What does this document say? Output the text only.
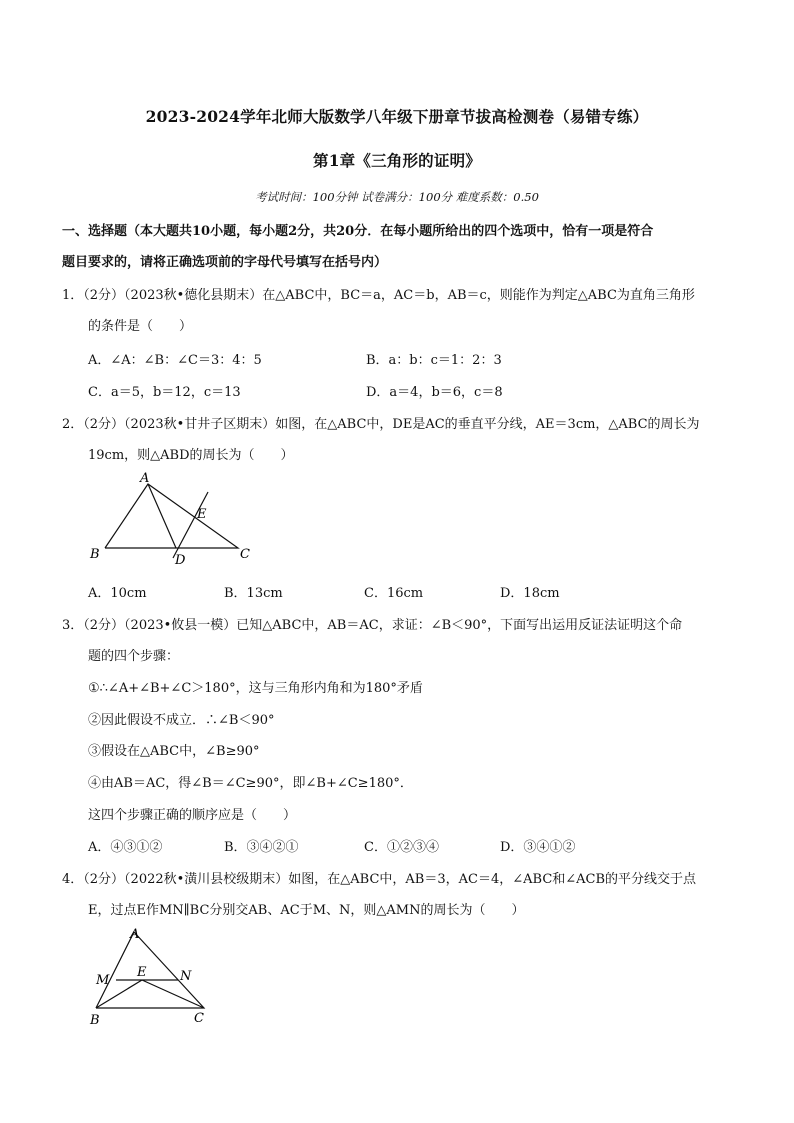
2023-2024学年北师大版数学八年级下册章节拔高检测卷（易错专练）
第1章《三角形的证明》
考试时间：100分钟 试卷满分：100分 难度系数：0.50
一、选择题（本大题共10小题，每小题2分，共20分．在每小题所给出的四个选项中，恰有一项是符合
题目要求的，请将正确选项前的字母代号填写在括号内）
1．（2分）（2023秋•德化县期末）在△ABC中，BC＝a，AC＝b，AB＝c，则能作为判定△ABC为直角三角形
的条件是（　　）
A．∠A：∠B：∠C＝3：4：5	B．a：b：c＝1：2：3
C．a＝5，b＝12，c＝13	D．a＝4，b＝6，c＝8
2．（2分）（2023秋•甘井子区期末）如图，在△ABC中，DE是AC的垂直平分线，AE＝3cm，△ABC的周长为
19cm，则△ABD的周长为（　　）
A
B	D	C
E
A．10cm	B．13cm	C．16cm	D．18cm
3．（2分）（2023•攸县一模）已知△ABC中，AB＝AC，求证：∠B＜90°，下面写出运用反证法证明这个命
题的四个步骤：
①∴∠A+∠B+∠C＞180°，这与三角形内角和为180°矛盾
②因此假设不成立．∴∠B＜90°
③假设在△ABC中，∠B≥90°
④由AB＝AC，得∠B＝∠C≥90°，即∠B+∠C≥180°．
这四个步骤正确的顺序应是（　　）
A．④③①②	B．③④②①	C．①②③④	D．③④①②
4．（2分）（2022秋•潢川县校级期末）如图，在△ABC中，AB＝3，AC＝4，∠ABC和∠ACB的平分线交于点
E，过点E作MN∥BC分别交AB、AC于M、N，则△AMN的周长为（　　）
A
M
E	N
B	C
